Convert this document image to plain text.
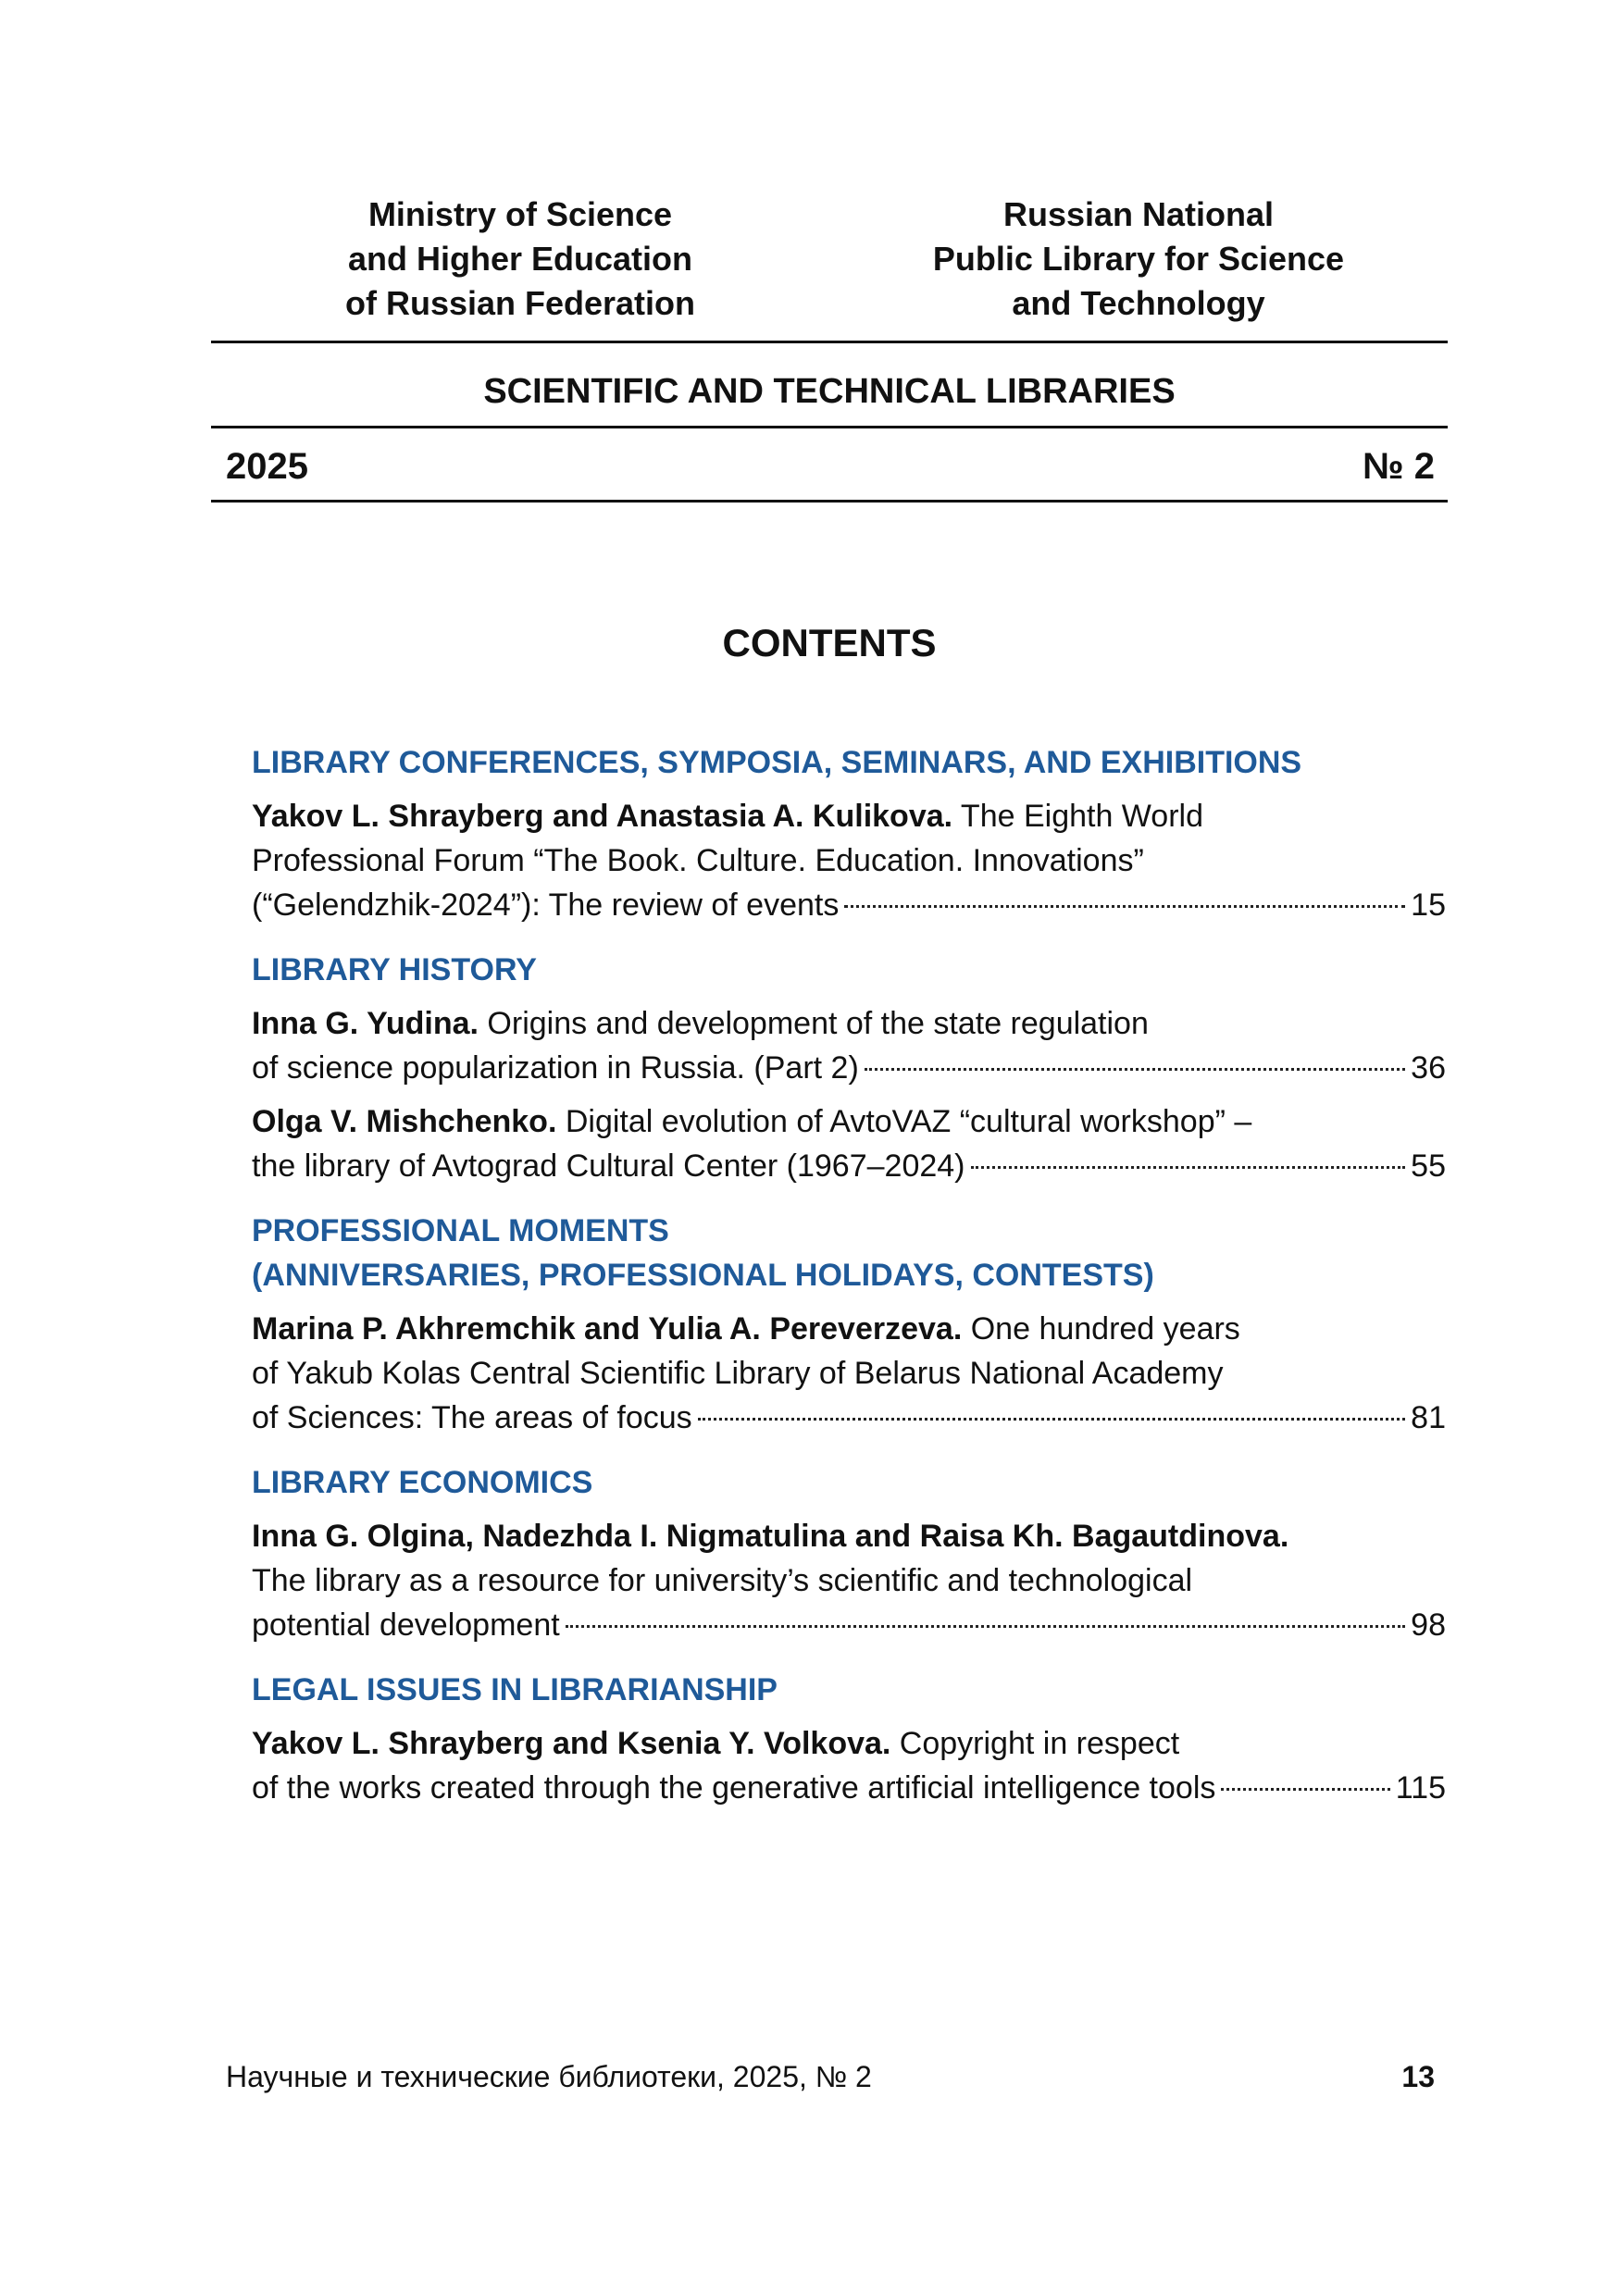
Ministry of Science
and Higher Education
of Russian Federation
Russian National
Public Library for Science
and Technology
SCIENTIFIC AND TECHNICAL LIBRARIES
2025	№ 2
CONTENTS
LIBRARY CONFERENCES, SYMPOSIA, SEMINARS, AND EXHIBITIONS
Yakov L. Shrayberg and Anastasia A. Kulikova. The Eighth World
Professional Forum “The Book. Culture. Education. Innovations”
(“Gelendzhik-2024”): The review of events	15
LIBRARY HISTORY
Inna G. Yudina. Origins and development of the state regulation
of science popularization in Russia. (Part 2)	36
Olga V. Mishchenko. Digital evolution of AvtoVAZ “cultural workshop” –
the library of Avtograd Cultural Center (1967–2024)	55
PROFESSIONAL MOMENTS
(ANNIVERSARIES, PROFESSIONAL HOLIDAYS, CONTESTS)
Marina P. Akhremchik and Yulia A. Pereverzeva. One hundred years
of Yakub Kolas Central Scientific Library of Belarus National Academy
of Sciences: The areas of focus	81
LIBRARY ECONOMICS
Inna G. Olgina, Nadezhda I. Nigmatulina and Raisa Kh. Bagautdinova.
The library as a resource for university’s scientific and technological
potential development	98
LEGAL ISSUES IN LIBRARIANSHIP
Yakov L. Shrayberg and Ksenia Y. Volkova. Copyright in respect
of the works created through the generative artificial intelligence tools	115
Научные и технические библиотеки, 2025, № 2	13
